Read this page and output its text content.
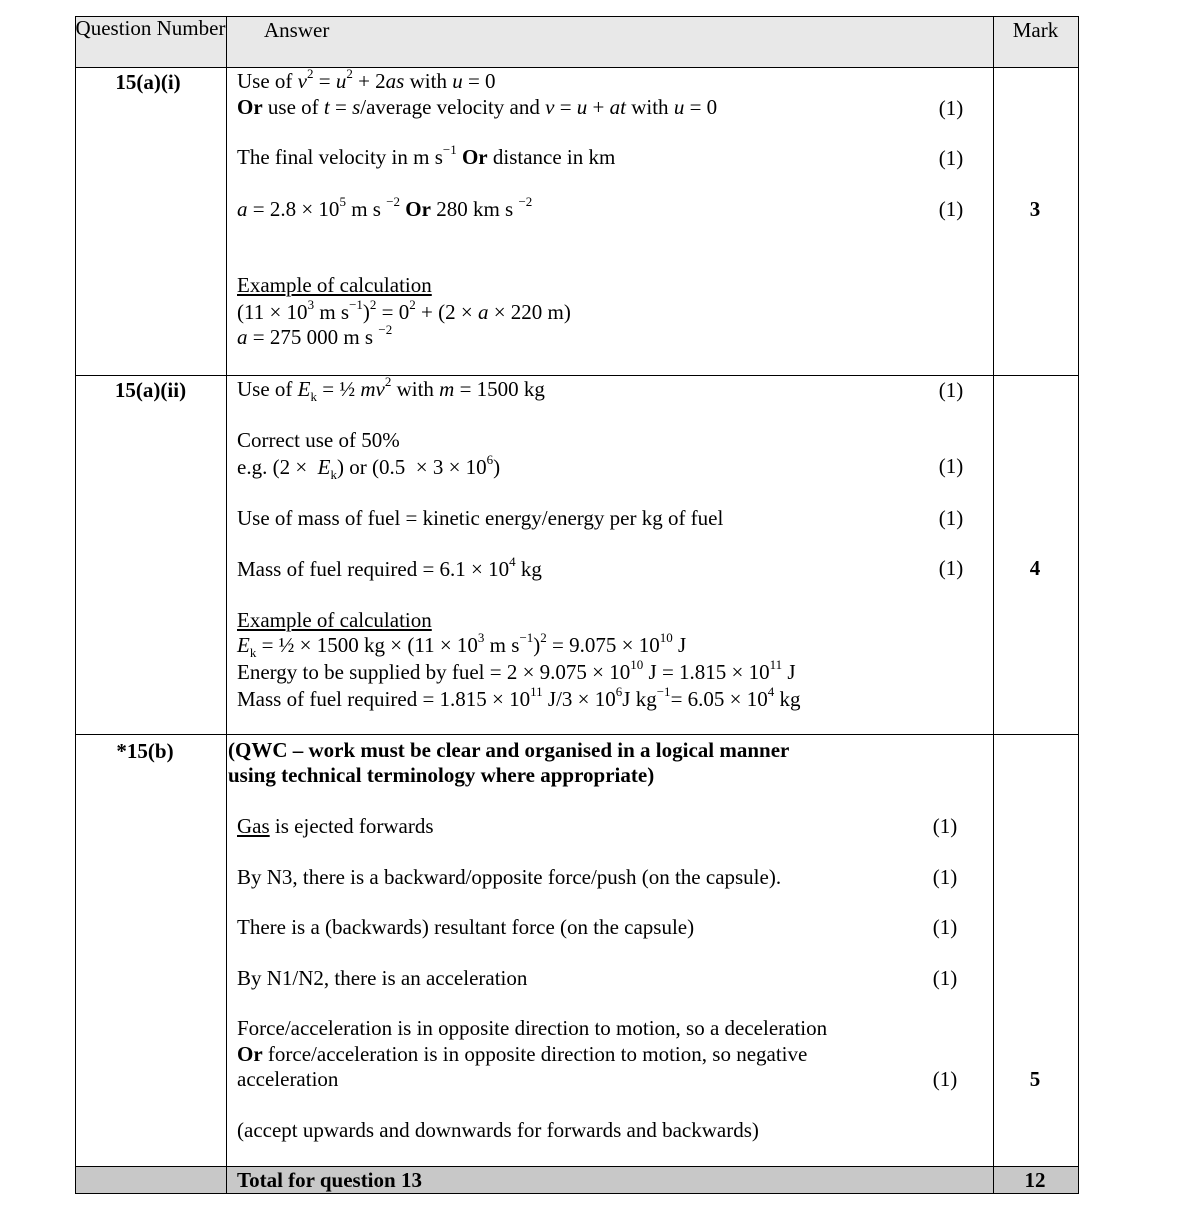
Question Number Answer	Mark
15(a)(i)	Use of $v^2 = u^2 + 2as$ with u = 0
Or use of t = s/average velocity and v = u + at with u = 0	(1)
The final velocity in m $s^{-1}$ Or distance in km	(1)
$a = 2.8 \times 10^5$ m s $^{-2}$ Or 280 km s $^{-2}$	(1)	3
Example of calculation
($11 \times 10^3$ m $s^{-1})^2 = 0^2 + (2 \times a \times 220$ m)
a = 275 000 m s $^{-2}$
15(a)(ii)	Use of $E_k$ = ½ $mv^2$ with m = 1500 kg	(1)
Correct use of 50%
e.g. $(2 \times E_k)$ or $(0.5 \times 3 \times 10^6)$	(1)
Use of mass of fuel = kinetic energy/energy per kg of fuel	(1)
Mass of fuel required = $6.1 \times 10^4$ kg	(1)	4
Example of calculation
$E_k$ = ½ × 1500 kg × ($11 \times 10^3$ m $s^{-1})^2 = 9.075 \times 10^{10}$ J
Energy to be supplied by fuel = $2 \times 9.075 \times 10^{10}$ $J = 1.815 \times 10^{11}$ J
Mass of fuel required = $1.815 \times 10^{11}$ $J/3 \times 10^6J$ $kg^{-1}= 6.05 \times 10^4$ kg
*15(b)	(QWC – work must be clear and organised in a logical manner
using technical terminology where appropriate)
Gas is ejected forwards	(1)
By N3, there is a backward/opposite force/push (on the capsule).	(1)
There is a (backwards) resultant force (on the capsule)	(1)
By N1/N2, there is an acceleration	(1)
Force/acceleration is in opposite direction to motion, so a deceleration
Or force/acceleration is in opposite direction to motion, so negative
acceleration	(1)	5
(accept upwards and downwards for forwards and backwards)
Total for question 13	12
